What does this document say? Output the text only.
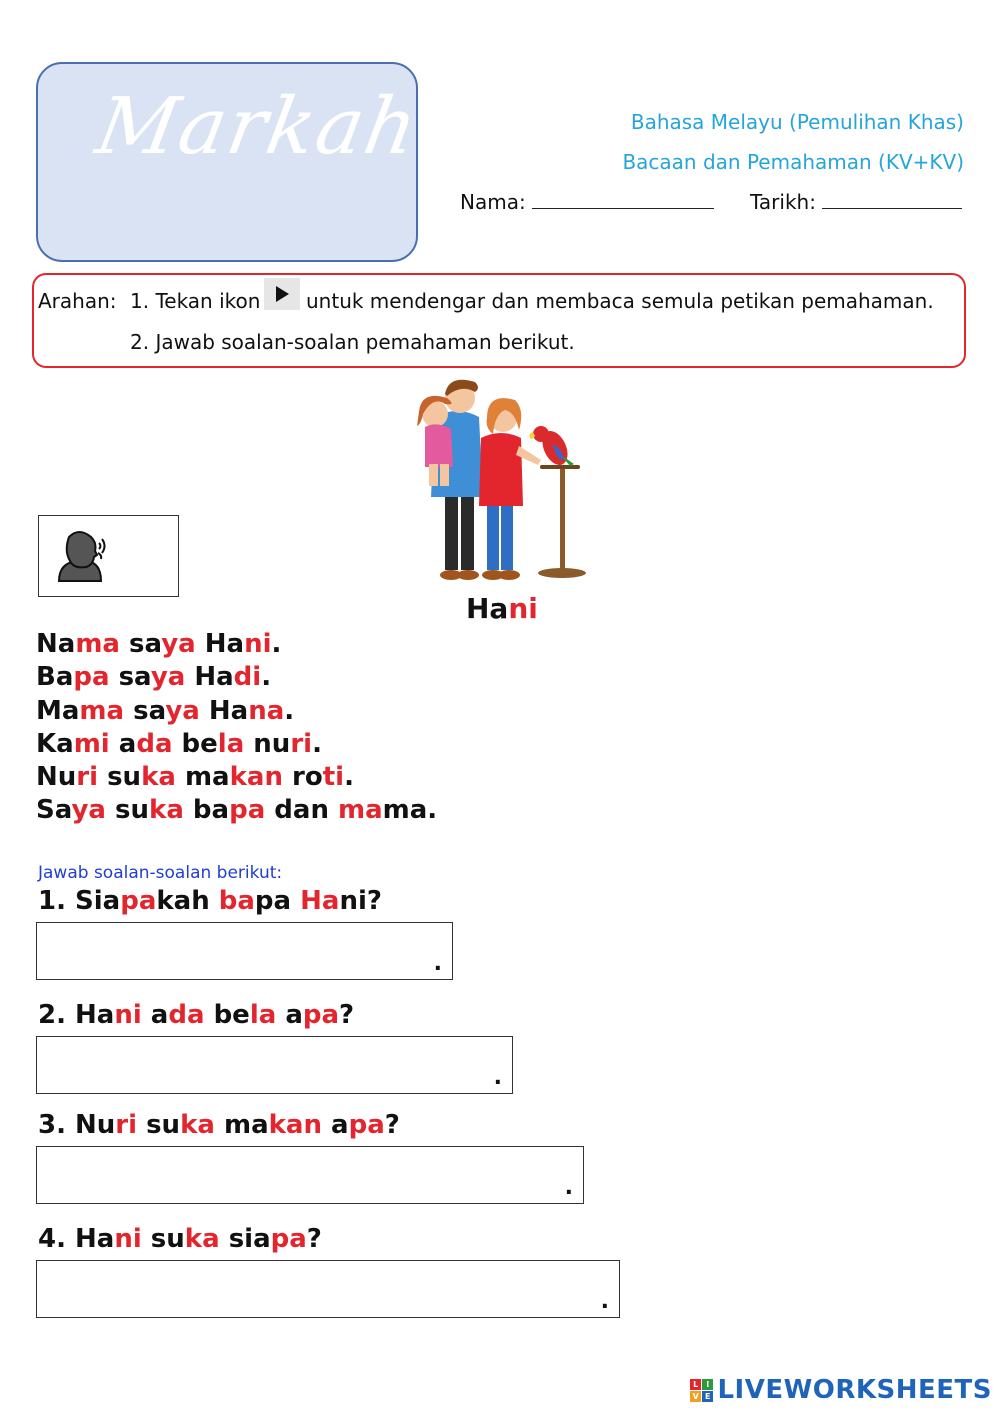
Markah	Bahasa Melayu (Pemulihan Khas)
Bacaan dan Pemahaman (KV+KV)
Nama:	Tarikh:
Arahan: 1. Tekan ikon untuk mendengar dan membaca semula petikan pemahaman.
2. Jawab soalan-soalan pemahaman berikut.
Hani
Nama saya Hani.
Bapa saya Hadi.
Mama saya Hana.
Kami ada bela nuri.
Nuri suka makan roti.
Saya suka bapa dan mama.
Jawab soalan-soalan berikut:
1. Siapakah bapa Hani?
.
2. Hani ada bela apa?
.
3. Nuri suka makan apa?
.
4. Hani suka siapa?
.
L I
V E LIVEWORKSHEETS
